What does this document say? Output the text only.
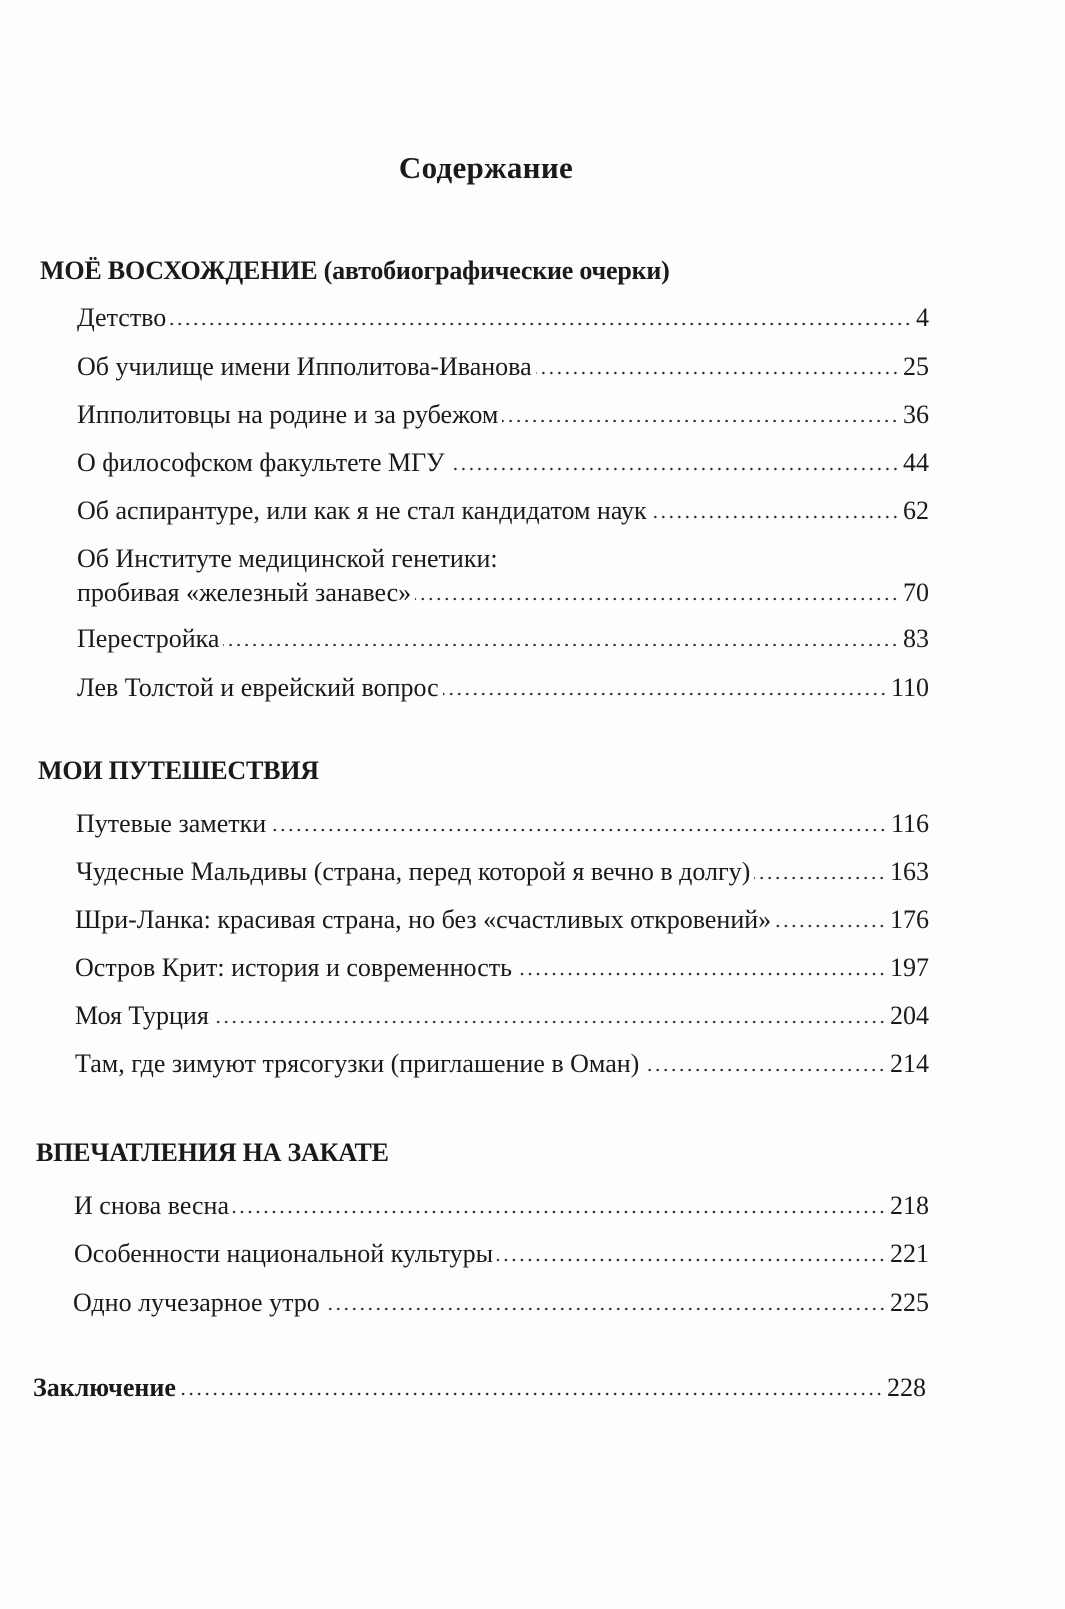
Содержание
МОЁ ВОСХОЖДЕНИЕ (автобиографические очерки)
Детство	4
Об училище имени Ипполитова-Иванова	25
Ипполитовцы на родине и за рубежом	36
О философском факультете МГУ	44
Об аспирантуре, или как я не стал кандидатом наук	62
Об Институте медицинской генетики:
пробивая «железный занавес»	70
Перестройка	83
Лев Толстой и еврейский вопрос	110
МОИ ПУТЕШЕСТВИЯ
Путевые заметки	116
Чудесные Мальдивы (страна, перед которой я вечно в долгу)	163
Шри-Ланка: красивая страна, но без «счастливых откровений»	176
Остров Крит: история и современность	197
Моя Турция	204
Там, где зимуют трясогузки (приглашение в Оман)	214
ВПЕЧАТЛЕНИЯ НА ЗАКАТЕ
И снова весна	218
Особенности национальной культуры	221
Одно лучезарное утро	225
Заключение	228
